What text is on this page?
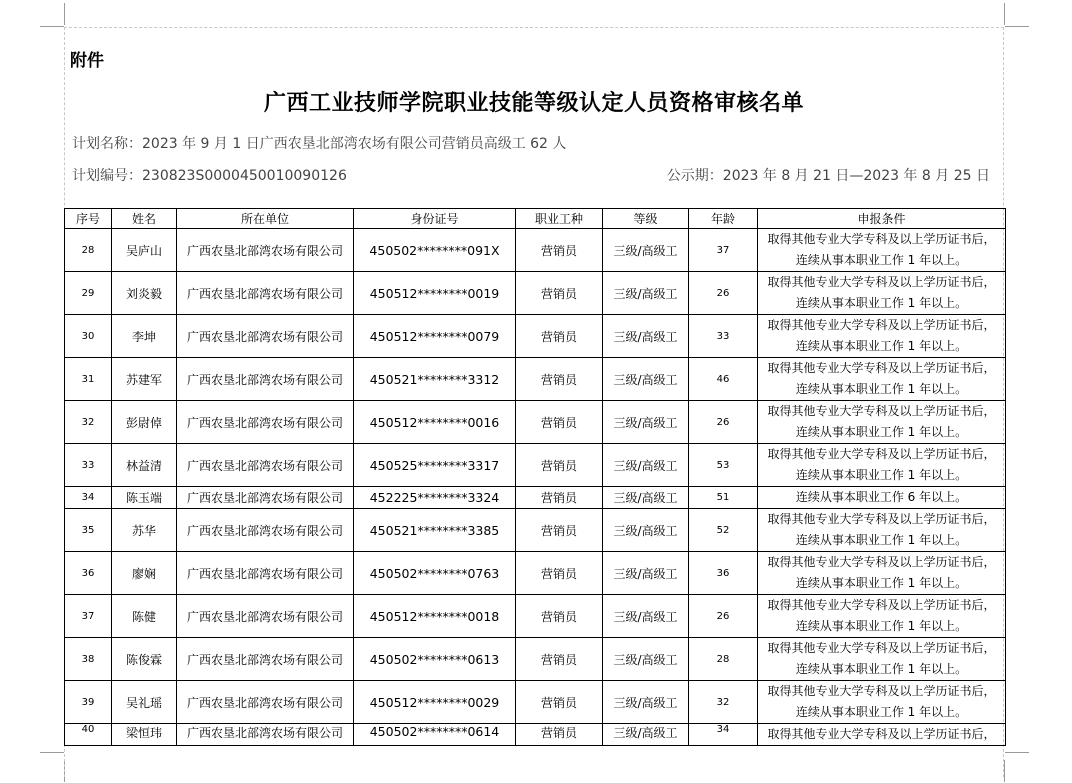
附件
广西工业技师学院职业技能等级认定人员资格审核名单
计划名称：2023 年 9 月 1 日广西农垦北部湾农场有限公司营销员高级工 62 人
计划编号：230823S0000450010090126	公示期：2023 年 8 月 21 日—2023 年 8 月 25 日
序号	姓名	所在单位	身份证号	职业工种	等级	年龄	申报条件
28	吴庐山	广西农垦北部湾农场有限公司	450502********091X	营销员	三级/高级工	37	取得其他专业大学专科及以上学历证书后，
连续从事本职业工作 1 年以上。

29	刘炎毅	广西农垦北部湾农场有限公司	450512********0019	营销员	三级/高级工	26	取得其他专业大学专科及以上学历证书后，
连续从事本职业工作 1 年以上。

30	李坤	广西农垦北部湾农场有限公司	450512********0079	营销员	三级/高级工	33	取得其他专业大学专科及以上学历证书后，
连续从事本职业工作 1 年以上。

31	苏建军	广西农垦北部湾农场有限公司	450521********3312	营销员	三级/高级工	46	取得其他专业大学专科及以上学历证书后，
连续从事本职业工作 1 年以上。

32	彭尉倬	广西农垦北部湾农场有限公司	450512********0016	营销员	三级/高级工	26	取得其他专业大学专科及以上学历证书后，
连续从事本职业工作 1 年以上。

33	林益清	广西农垦北部湾农场有限公司	450525********3317	营销员	三级/高级工	53	取得其他专业大学专科及以上学历证书后，
连续从事本职业工作 1 年以上。

34	陈玉端	广西农垦北部湾农场有限公司	452225********3324	营销员	三级/高级工	51	连续从事本职业工作 6 年以上。

35	苏华	广西农垦北部湾农场有限公司	450521********3385	营销员	三级/高级工	52	取得其他专业大学专科及以上学历证书后，
连续从事本职业工作 1 年以上。

36	廖娴	广西农垦北部湾农场有限公司	450502********0763	营销员	三级/高级工	36	取得其他专业大学专科及以上学历证书后，
连续从事本职业工作 1 年以上。

37	陈健	广西农垦北部湾农场有限公司	450512********0018	营销员	三级/高级工	26	取得其他专业大学专科及以上学历证书后，
连续从事本职业工作 1 年以上。

38	陈俊霖	广西农垦北部湾农场有限公司	450502********0613	营销员	三级/高级工	28	取得其他专业大学专科及以上学历证书后，
连续从事本职业工作 1 年以上。

39	吴礼瑶	广西农垦北部湾农场有限公司	450512********0029	营销员	三级/高级工	32	取得其他专业大学专科及以上学历证书后，
连续从事本职业工作 1 年以上。

40	梁恒玮	广西农垦北部湾农场有限公司	450502********0614	营销员	三级/高级工	34	取得其他专业大学专科及以上学历证书后，
